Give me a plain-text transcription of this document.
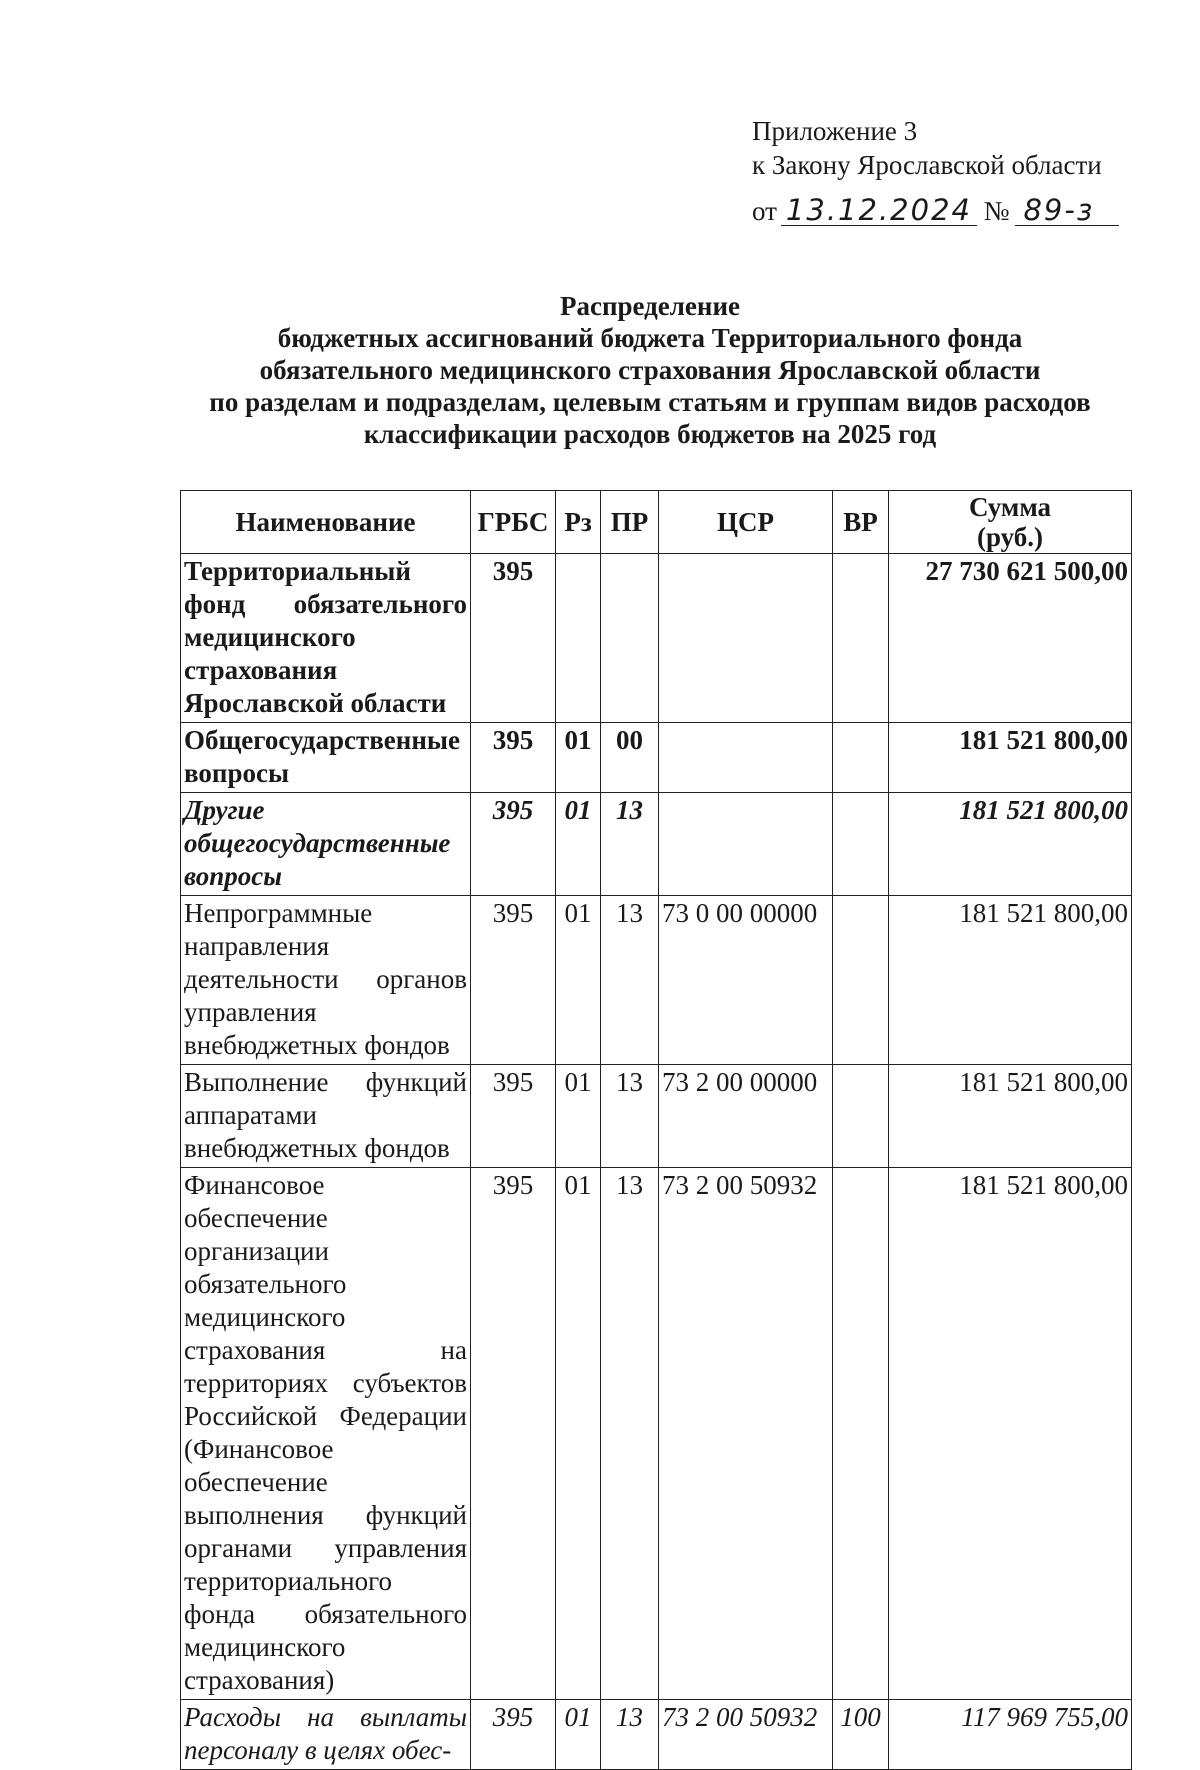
Приложение 3
к Закону Ярославской области
от 13.12.2024 № 89-з
Распределение
бюджетных ассигнований бюджета Территориального фонда
обязательного медицинского страхования Ярославской области
по разделам и подразделам, целевым статьям и группам видов расходов
классификации расходов бюджетов на 2025 год
Наименование	ГРБС	Рз	ПР	ЦСР	ВР	Сумма
(руб.)

Территориальный фонд обязательного медицинского страхования Ярославской области	395					27 730 621 500,00
Общегосударственные вопросы	395	01	00			181 521 800,00
Другие общегосударственные вопросы	395	01	13			181 521 800,00
Непрограммные направления деятельности органов управления внебюджетных фондов	395	01	13	73 0 00 00000		181 521 800,00
Выполнение функций аппаратами внебюджетных фондов	395	01	13	73 2 00 00000		181 521 800,00
Финансовое обеспечение организации обязательного медицинского страхования на территориях субъектов Российской Федерации (Финансовое обеспечение выполнения функций органами управления территориального фонда обязательного медицинского страхования)	395	01	13	73 2 00 50932		181 521 800,00
Расходы на выплаты персоналу в целях обес-	395	01	13	73 2 00 50932	100	117 969 755,00
